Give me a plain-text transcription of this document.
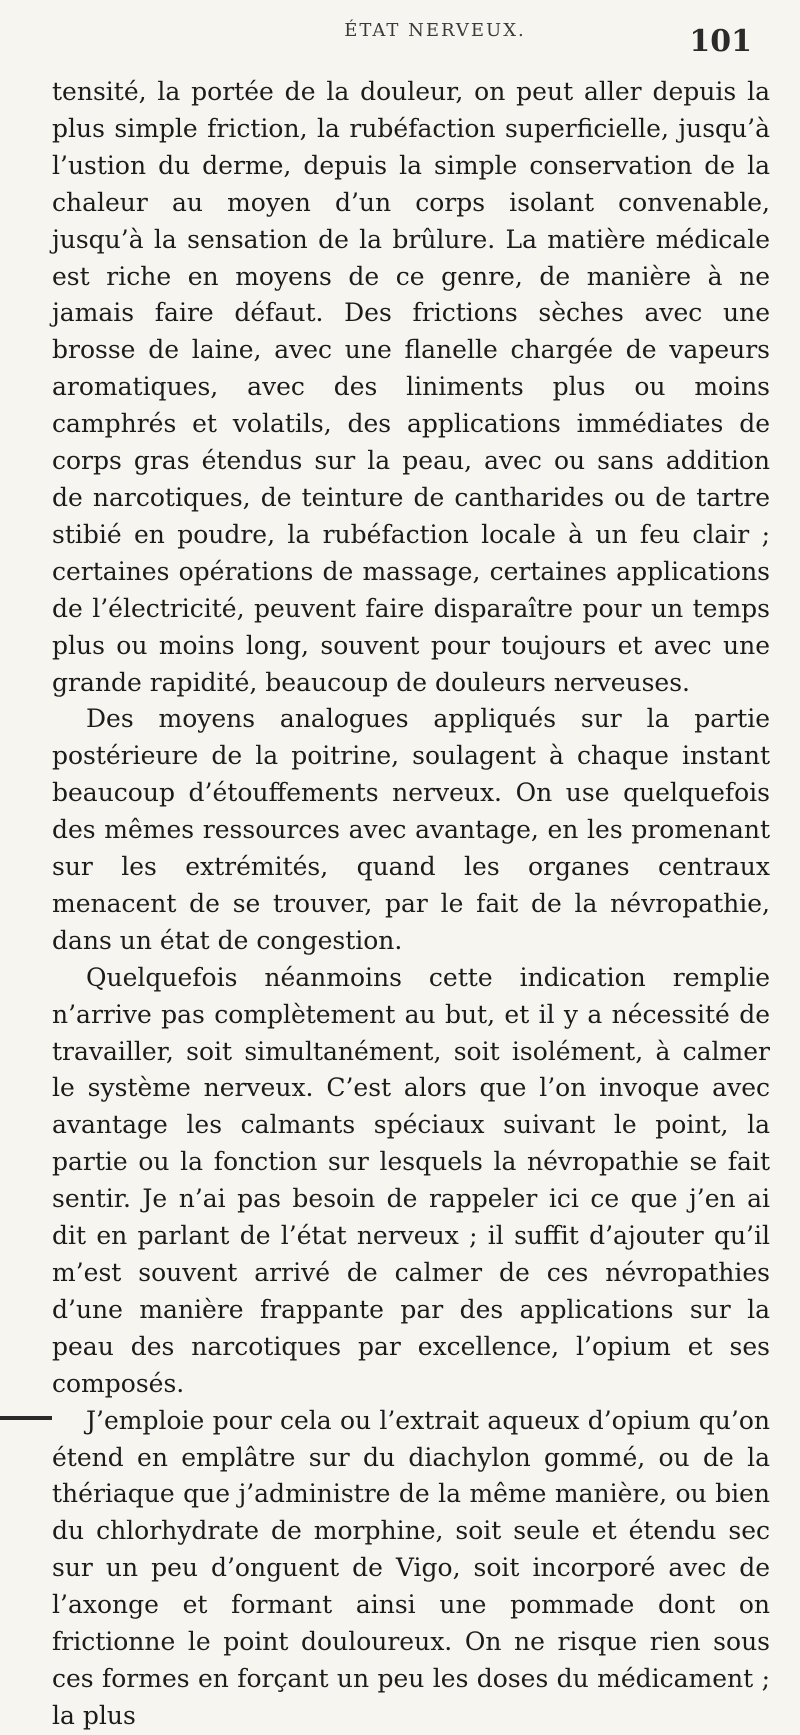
ÉTAT NERVEUX.	101

tensité, la portée de la douleur, on peut aller depuis la plus simple friction, la rubéfaction superficielle, jusqu’à l’ustion du derme, depuis la simple conservation de la chaleur au moyen d’un corps isolant convenable, jusqu’à la sensation de la brûlure. La matière médicale est riche en moyens de ce genre, de manière à ne jamais faire défaut. Des frictions sèches avec une brosse de laine, avec une flanelle chargée de vapeurs aromatiques, avec des liniments plus ou moins camphrés et volatils, des applications immédiates de corps gras étendus sur la peau, avec ou sans addition de narcotiques, de teinture de cantharides ou de tartre stibié en poudre, la rubéfaction locale à un feu clair ; certaines opérations de massage, certaines applications de l’électricité, peuvent faire disparaître pour un temps plus ou moins long, souvent pour toujours et avec une grande rapidité, beaucoup de douleurs nerveuses.

Des moyens analogues appliqués sur la partie postérieure de la poitrine, soulagent à chaque instant beaucoup d’étouffements nerveux. On use quelquefois des mêmes ressources avec avantage, en les promenant sur les extrémités, quand les organes centraux menacent de se trouver, par le fait de la névropathie, dans un état de congestion.

Quelquefois néanmoins cette indication remplie n’arrive pas complètement au but, et il y a nécessité de travailler, soit simultanément, soit isolément, à calmer le système nerveux. C’est alors que l’on invoque avec avantage les calmants spéciaux suivant le point, la partie ou la fonction sur lesquels la névropathie se fait sentir. Je n’ai pas besoin de rappeler ici ce que j’en ai dit en parlant de l’état nerveux ; il suffit d’ajouter qu’il m’est souvent arrivé de calmer de ces névropathies d’une manière frappante par des applications sur la peau des narcotiques par excellence, l’opium et ses composés.

J’emploie pour cela ou l’extrait aqueux d’opium qu’on étend en emplâtre sur du diachylon gommé, ou de la thériaque que j’administre de la même manière, ou bien du chlorhydrate de morphine, soit seule et étendu sec sur un peu d’onguent de Vigo, soit incorporé avec de l’axonge et formant ainsi une pommade dont on frictionne le point douloureux. On ne risque rien sous ces formes en forçant un peu les doses du médicament ; la plus
